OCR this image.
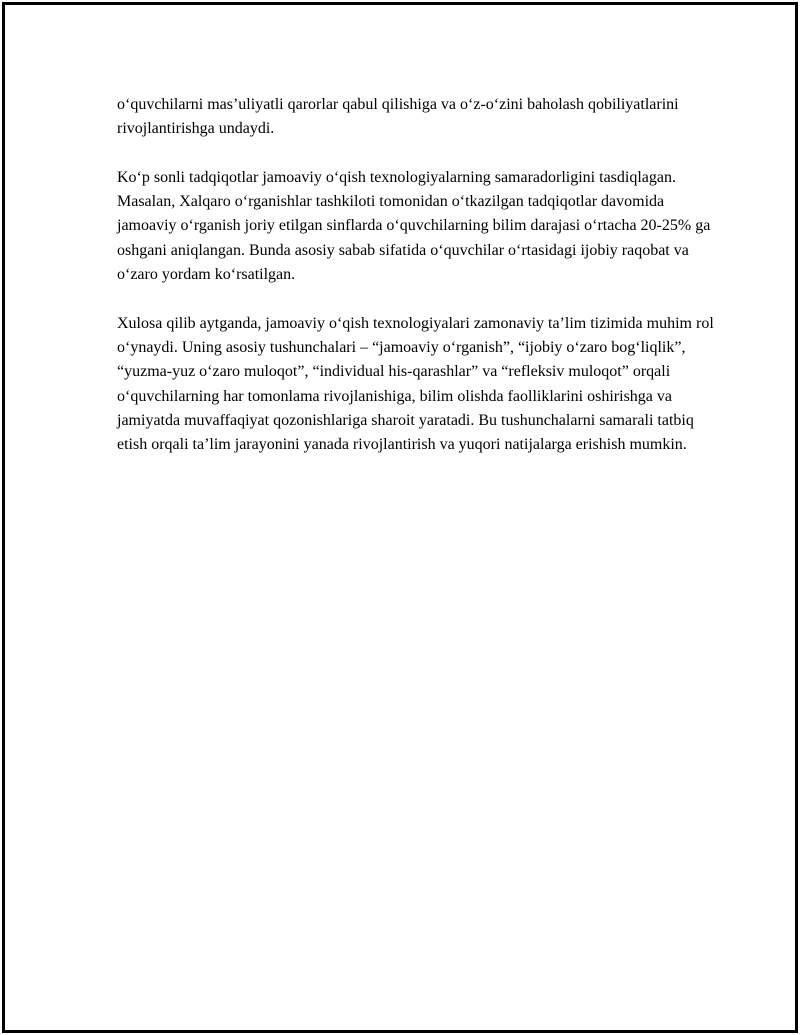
o‘quvchilarni mas’uliyatli qarorlar qabul qilishiga va o‘z-o‘zini baholash qobiliyatlarini rivojlantirishga undaydi.

Ko‘p sonli tadqiqotlar jamoaviy o‘qish texnologiyalarning samaradorligini tasdiqlagan. Masalan, Xalqaro o‘rganishlar tashkiloti tomonidan o‘tkazilgan tadqiqotlar davomida jamoaviy o‘rganish joriy etilgan sinflarda o‘quvchilarning bilim darajasi o‘rtacha 20-25% ga oshgani aniqlangan. Bunda asosiy sabab sifatida o‘quvchilar o‘rtasidagi ijobiy raqobat va o‘zaro yordam ko‘rsatilgan.

Xulosa qilib aytganda, jamoaviy o‘qish texnologiyalari zamonaviy ta’lim tizimida muhim rol o‘ynaydi. Uning asosiy tushunchalari – “jamoaviy o‘rganish”, “ijobiy o‘zaro bog‘liqlik”, “yuzma-yuz o‘zaro muloqot”, “individual his-qarashlar” va “refleksiv muloqot” orqali o‘quvchilarning har tomonlama rivojlanishiga, bilim olishda faolliklarini oshirishga va jamiyatda muvaffaqiyat qozonishlariga sharoit yaratadi. Bu tushunchalarni samarali tatbiq etish orqali ta’lim jarayonini yanada rivojlantirish va yuqori natijalarga erishish mumkin.
